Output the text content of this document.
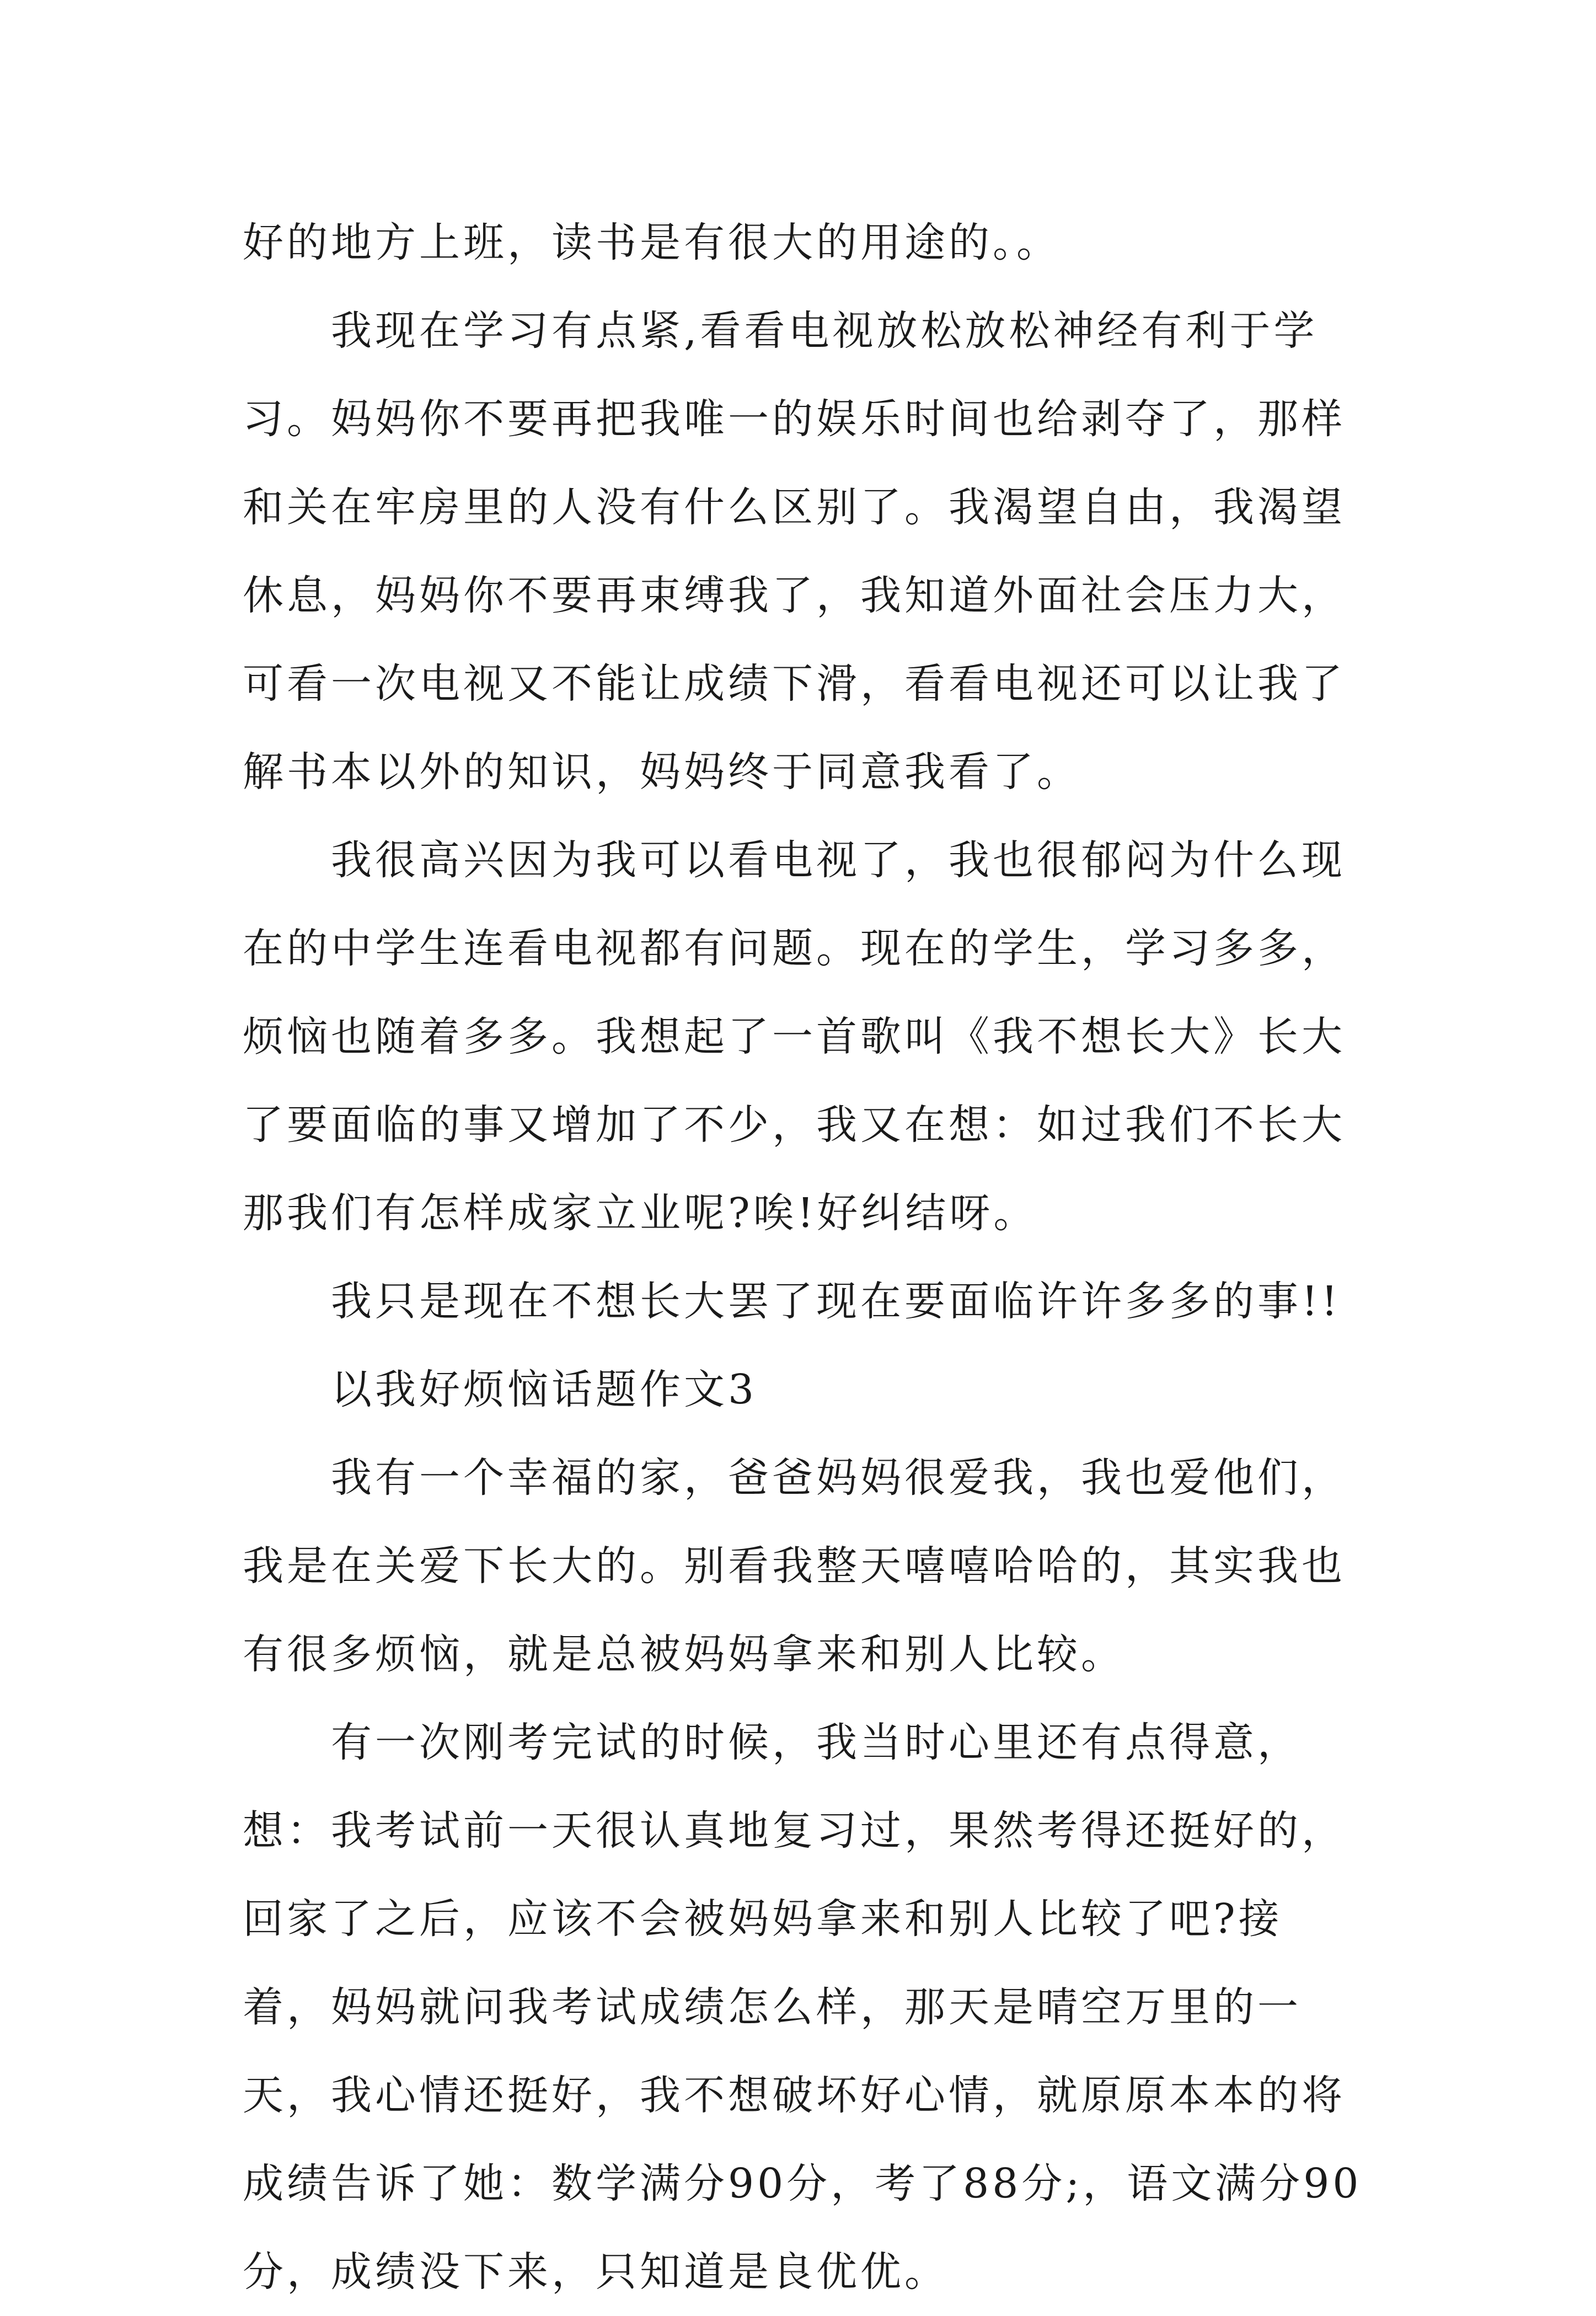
好的地方上班，读书是有很大的用途的。。

我现在学习有点紧,看看电视放松放松神经有利于学习。妈妈你不要再把我唯一的娱乐时间也给剥夺了，那样和关在牢房里的人没有什么区别了。我渴望自由，我渴望休息，妈妈你不要再束缚我了，我知道外面社会压力大，可看一次电视又不能让成绩下滑，看看电视还可以让我了解书本以外的知识，妈妈终于同意我看了。

我很高兴因为我可以看电视了，我也很郁闷为什么现在的中学生连看电视都有问题。现在的学生，学习多多，烦恼也随着多多。我想起了一首歌叫《我不想长大》长大了要面临的事又增加了不少，我又在想：如过我们不长大那我们有怎样成家立业呢?唉!好纠结呀。

我只是现在不想长大罢了现在要面临许许多多的事!!

以我好烦恼话题作文3

我有一个幸福的家，爸爸妈妈很爱我，我也爱他们，我是在关爱下长大的。别看我整天嘻嘻哈哈的，其实我也有很多烦恼，就是总被妈妈拿来和别人比较。

有一次刚考完试的时候，我当时心里还有点得意，想：我考试前一天很认真地复习过，果然考得还挺好的，回家了之后，应该不会被妈妈拿来和别人比较了吧?接着，妈妈就问我考试成绩怎么样，那天是晴空万里的一天，我心情还挺好，我不想破坏好心情，就原原本本的将成绩告诉了她：数学满分90分，考了88分;，语文满分90分，成绩没下来，只知道是良优优。
